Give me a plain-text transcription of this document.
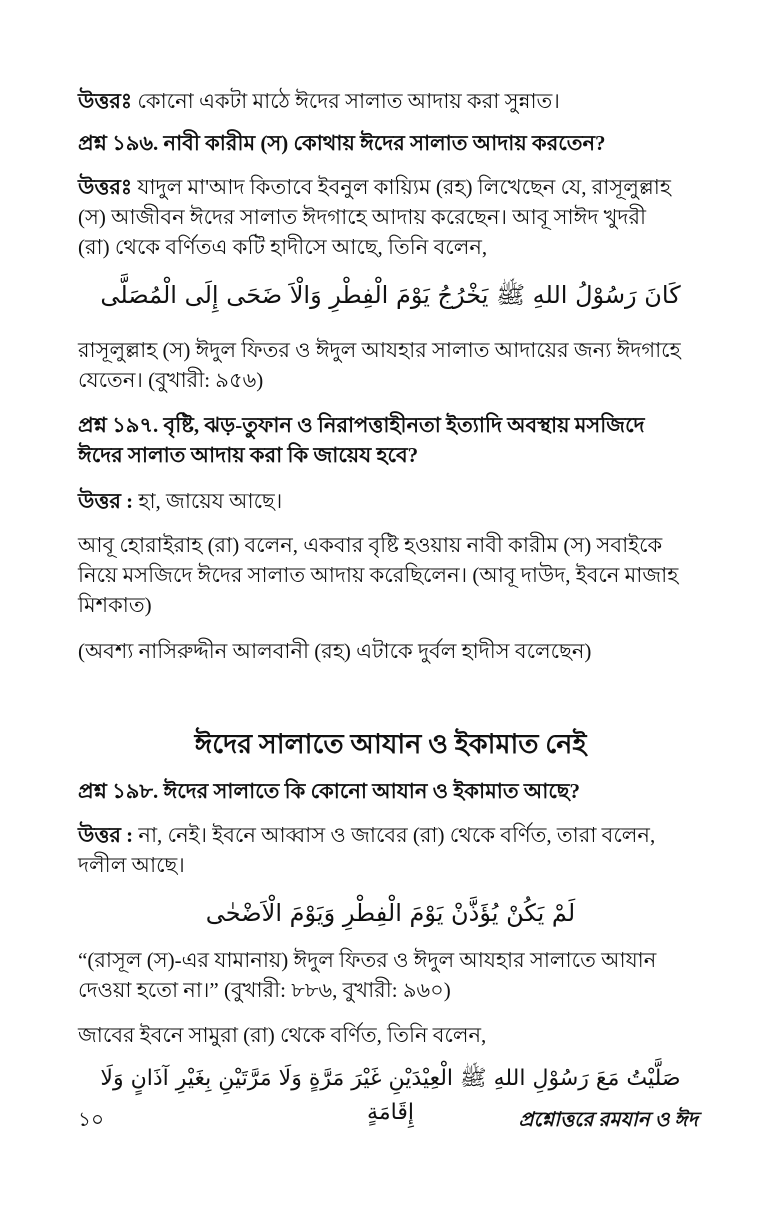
উত্তরঃ কোনো একটা মাঠে ঈদের সালাত আদায় করা সুন্নাত।
প্রশ্ন ১৯৬. নাবী কারীম (স) কোথায় ঈদের সালাত আদায় করতেন?
উত্তরঃ যাদুল মা'আদ কিতাবে ইবনুল কায়্যিম (রহ) লিখেছেন যে, রাসূলুল্লাহ
(স) আজীবন ঈদের সালাত ঈদগাহে আদায় করেছেন। আবূ সাঈদ খুদরী
(রা) থেকে বর্ণিতএ কটি হাদীসে আছে, তিনি বলেন,
كَانَ رَسُوْلُ اللهِ ﷺ يَخْرُجُ يَوْمَ الْفِطْرِ وَالْاَ ضَحَى إِلَى الْمُصَلَّى
রাসূলুল্লাহ (স) ঈদুল ফিতর ও ঈদুল আযহার সালাত আদায়ের জন্য ঈদগাহে
যেতেন। (বুখারী: ৯৫৬)
প্রশ্ন ১৯৭. বৃষ্টি, ঝড়-তুফান ও নিরাপত্তাহীনতা ইত্যাদি অবস্থায় মসজিদে
ঈদের সালাত আদায় করা কি জায়েয হবে?
উত্তর : হা, জায়েয আছে।
আবূ হোরাইরাহ (রা) বলেন, একবার বৃষ্টি হওয়ায় নাবী কারীম (স) সবাইকে
নিয়ে মসজিদে ঈদের সালাত আদায় করেছিলেন। (আবূ দাউদ, ইবনে মাজাহ
মিশকাত)
(অবশ্য নাসিরুদ্দীন আলবানী (রহ) এটাকে দুর্বল হাদীস বলেছেন)
ঈদের সালাতে আযান ও ইকামাত নেই
প্রশ্ন ১৯৮. ঈদের সালাতে কি কোনো আযান ও ইকামাত আছে?
উত্তর : না, নেই। ইবনে আব্বাস ও জাবের (রা) থেকে বর্ণিত, তারা বলেন,
দলীল আছে।
لَمْ يَكُنْ يُؤَذَّنْ يَوْمَ الْفِطْرِ وَيَوْمَ الْاَضْحٰى
“(রাসূল (স)-এর যামানায়) ঈদুল ফিতর ও ঈদুল আযহার সালাতে আযান
দেওয়া হতো না।” (বুখারী: ৮৮৬, বুখারী: ৯৬০)
জাবের ইবনে সামুরা (রা) থেকে বর্ণিত, তিনি বলেন,
صَلَّيْتُ مَعَ رَسُوْلِ اللهِ ﷺ الْعِيْدَيْنِ غَيْرَ مَرَّةٍ وَلَا مَرَّتَيْنِ بِغَيْرِ آذَانٍ وَلَا إِقَامَةٍ
১০	প্রশ্নোত্তরে রমযান ও ঈদ
